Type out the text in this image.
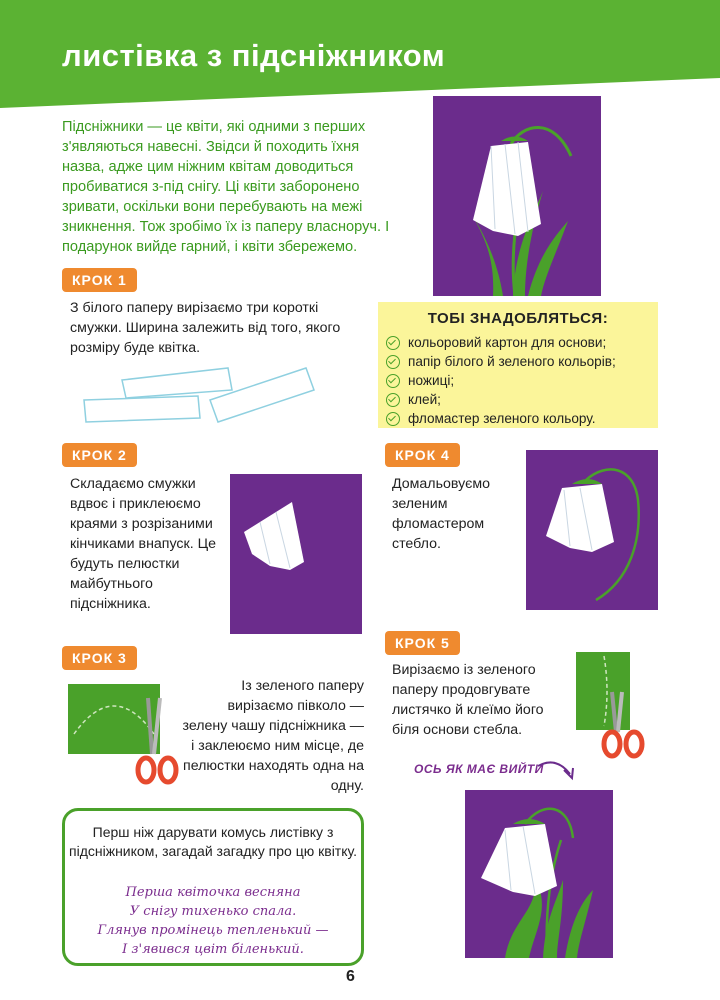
листівка з підсніжником
Підсніжники — це квіти, які одними з перших з'являються навесні. Звідси й походить їхня назва, адже цим ніжним квітам доводиться пробиватися з-під снігу. Ці квіти заборонено зривати, оскільки вони перебувають на межі зникнення. Тож зробімо їх із паперу власноруч. І подарунок вийде гарний, і квіти збережемо.
КРОК 1
З білого паперу вирізаємо три короткі смужки. Ширина залежить від того, якого розміру буде квітка.
ТОБІ ЗНАДОБЛЯТЬСЯ:
кольоровий картон для основи;
папір білого й зеленого кольорів;
ножиці;
клей;
фломастер зеленого кольору.
КРОК 2
Складаємо смужки вдвоє і приклеюємо краями з розрізаними кінчиками внапуск. Це будуть пелюстки майбутнього підсніжника.
КРОК 4
Домальовуємо зеленим фломастером стебло.
КРОК 3
Із зеленого паперу вирізаємо півколо — зелену чашу підсніжника — і заклеюємо ним місце, де пелюстки находять одна на одну.
КРОК 5
Вирізаємо із зеленого паперу продовгувате листячко й клеїмо його біля основи стебла.
ОСЬ ЯК МАЄ ВИЙТИ
Перш ніж дарувати комусь листівку з підсніжником, загадай загадку про цю квітку.
Перша квіточка весняна
У снігу тихенько спала.
Глянув промінець тепленький —
І з'явився цвіт біленький.
6
